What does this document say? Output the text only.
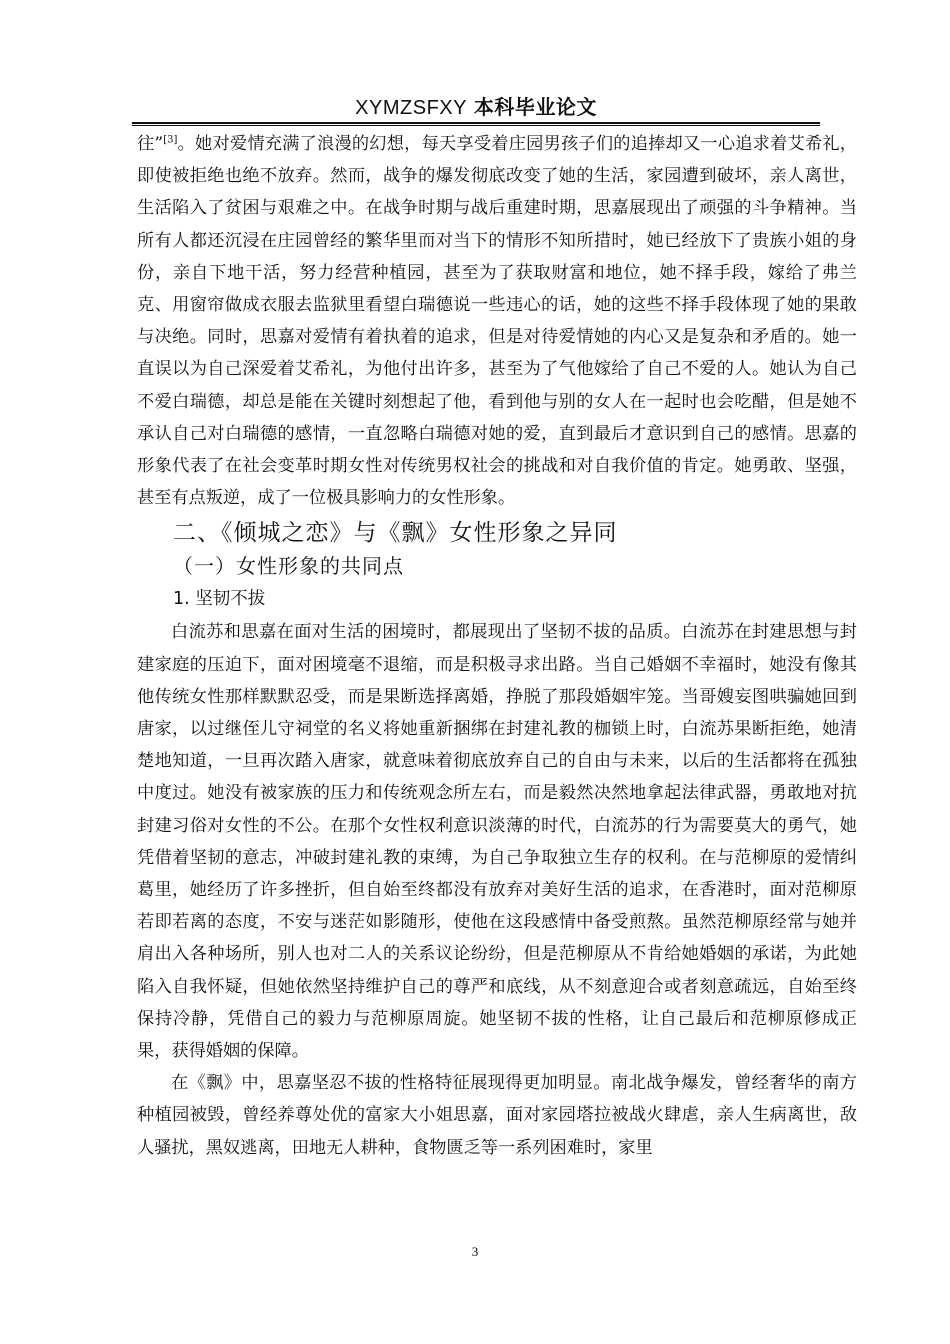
XYMZSFXY 本科毕业论文

往”[3]。她对爱情充满了浪漫的幻想，每天享受着庄园男孩子们的追捧却又一心追求着艾希礼，即使被拒绝也绝不放弃。然而，战争的爆发彻底改变了她的生活，家园遭到破坏，亲人离世，生活陷入了贫困与艰难之中。在战争时期与战后重建时期，思嘉展现出了顽强的斗争精神。当所有人都还沉浸在庄园曾经的繁华里而对当下的情形不知所措时，她已经放下了贵族小姐的身份，亲自下地干活，努力经营种植园，甚至为了获取财富和地位，她不择手段，嫁给了弗兰克、用窗帘做成衣服去监狱里看望白瑞德说一些违心的话，她的这些不择手段体现了她的果敢与决绝。同时，思嘉对爱情有着执着的追求，但是对待爱情她的内心又是复杂和矛盾的。她一直误以为自己深爱着艾希礼，为他付出许多，甚至为了气他嫁给了自己不爱的人。她认为自己不爱白瑞德，却总是能在关键时刻想起了他，看到他与别的女人在一起时也会吃醋，但是她不承认自己对白瑞德的感情，一直忽略白瑞德对她的爱，直到最后才意识到自己的感情。思嘉的形象代表了在社会变革时期女性对传统男权社会的挑战和对自我价值的肯定。她勇敢、坚强，甚至有点叛逆，成了一位极具影响力的女性形象。

二、《倾城之恋》与《飘》女性形象之异同
（一）女性形象的共同点
1. 坚韧不拔

白流苏和思嘉在面对生活的困境时，都展现出了坚韧不拔的品质。白流苏在封建思想与封建家庭的压迫下，面对困境毫不退缩，而是积极寻求出路。当自己婚姻不幸福时，她没有像其他传统女性那样默默忍受，而是果断选择离婚，挣脱了那段婚姻牢笼。当哥嫂妄图哄骗她回到唐家，以过继侄儿守祠堂的名义将她重新捆绑在封建礼教的枷锁上时，白流苏果断拒绝，她清楚地知道，一旦再次踏入唐家，就意味着彻底放弃自己的自由与未来，以后的生活都将在孤独中度过。她没有被家族的压力和传统观念所左右，而是毅然决然地拿起法律武器，勇敢地对抗封建习俗对女性的不公。在那个女性权利意识淡薄的时代，白流苏的行为需要莫大的勇气，她凭借着坚韧的意志，冲破封建礼教的束缚，为自己争取独立生存的权利。在与范柳原的爱情纠葛里，她经历了许多挫折，但自始至终都没有放弃对美好生活的追求，在香港时，面对范柳原若即若离的态度，不安与迷茫如影随形，使他在这段感情中备受煎熬。虽然范柳原经常与她并肩出入各种场所，别人也对二人的关系议论纷纷，但是范柳原从不肯给她婚姻的承诺，为此她陷入自我怀疑，但她依然坚持维护自己的尊严和底线，从不刻意迎合或者刻意疏远，自始至终保持冷静，凭借自己的毅力与范柳原周旋。她坚韧不拔的性格，让自己最后和范柳原修成正果，获得婚姻的保障。

在《飘》中，思嘉坚忍不拔的性格特征展现得更加明显。南北战争爆发，曾经奢华的南方种植园被毁，曾经养尊处优的富家大小姐思嘉，面对家园塔拉被战火肆虐，亲人生病离世，敌人骚扰，黑奴逃离，田地无人耕种，食物匮乏等一系列困难时，家里

3
